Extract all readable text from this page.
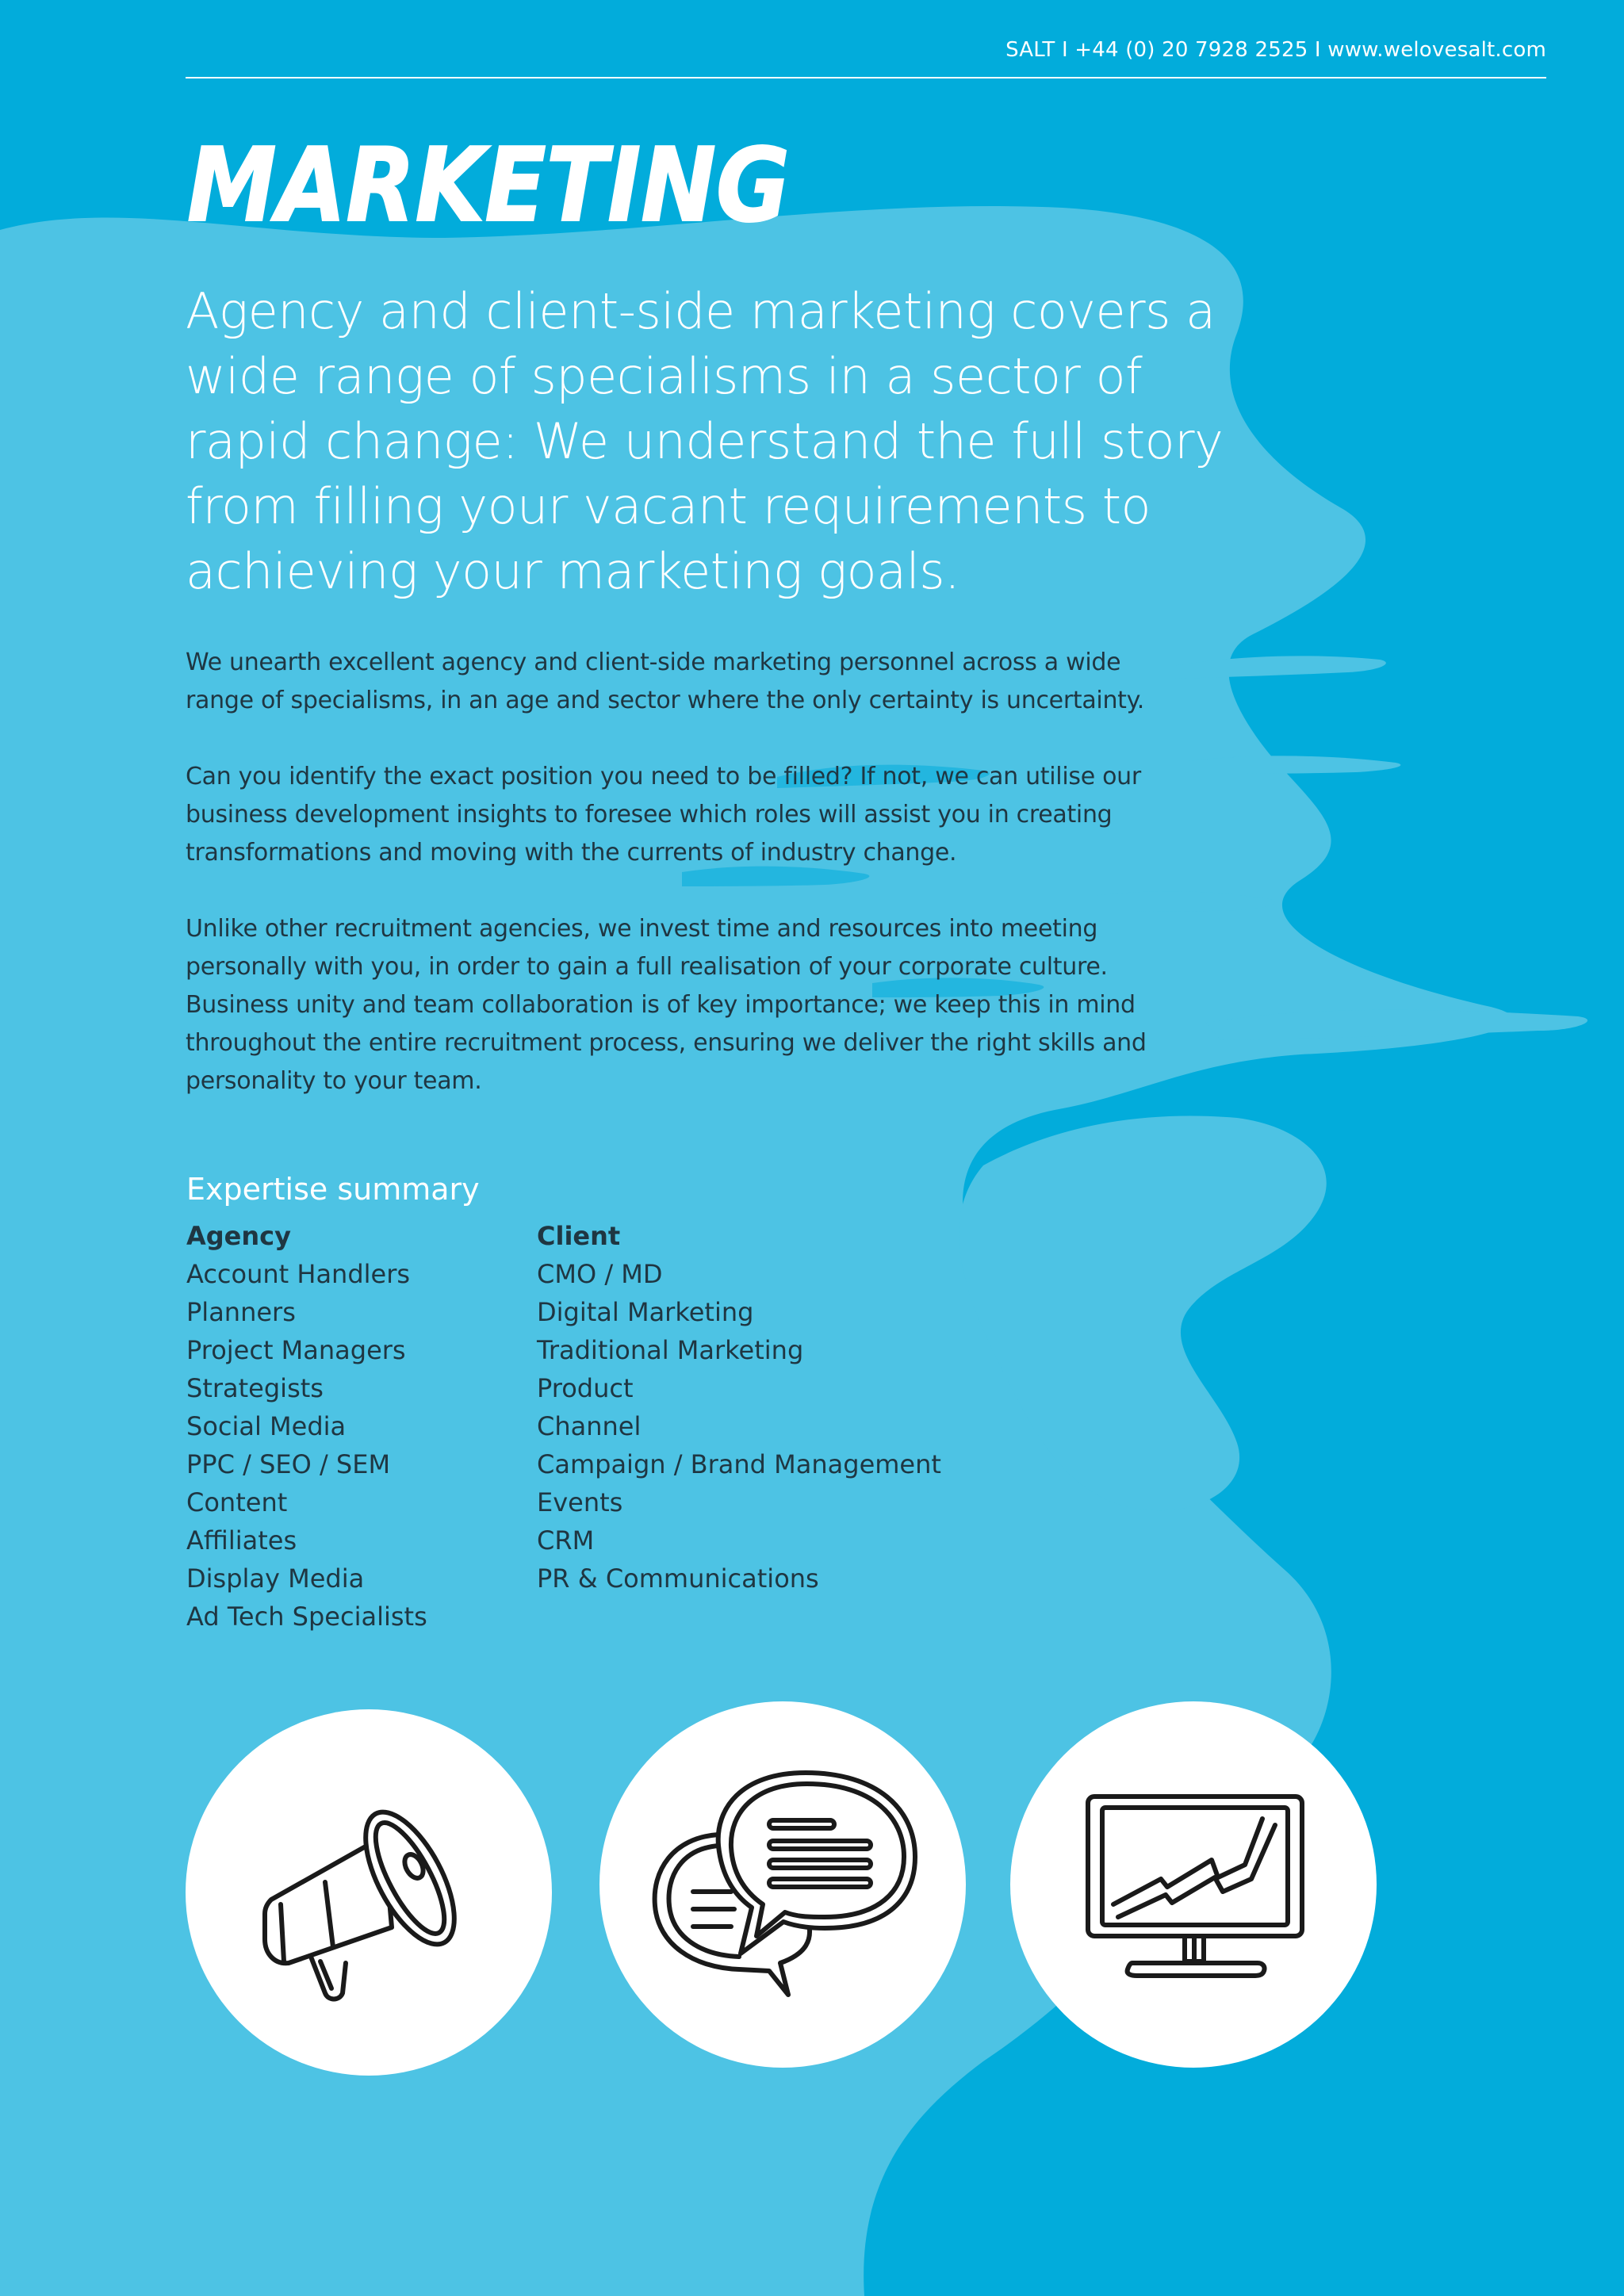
SALT I +44 (0) 20 7928 2525 I www.welovesalt.com
MARKETING

Agency and client-side marketing covers a wide range of specialisms in a sector of rapid change: We understand the full story from filling your vacant requirements to achieving your marketing goals.

We unearth excellent agency and client-side marketing personnel across a wide range of specialisms, in an age and sector where the only certainty is uncertainty.

Can you identify the exact position you need to be filled? If not, we can utilise our business development insights to foresee which roles will assist you in creating transformations and moving with the currents of industry change.

Unlike other recruitment agencies, we invest time and resources into meeting personally with you, in order to gain a full realisation of your corporate culture. Business unity and team collaboration is of key importance; we keep this in mind throughout the entire recruitment process, ensuring we deliver the right skills and personality to your team.

Expertise summary
Agency
Account Handlers
Planners
Project Managers
Strategists
Social Media
PPC / SEO / SEM
Content
Affiliates
Display Media
Ad Tech Specialists
Client
CMO / MD
Digital Marketing
Traditional Marketing
Product
Channel
Campaign / Brand Management
Events
CRM
PR & Communications
